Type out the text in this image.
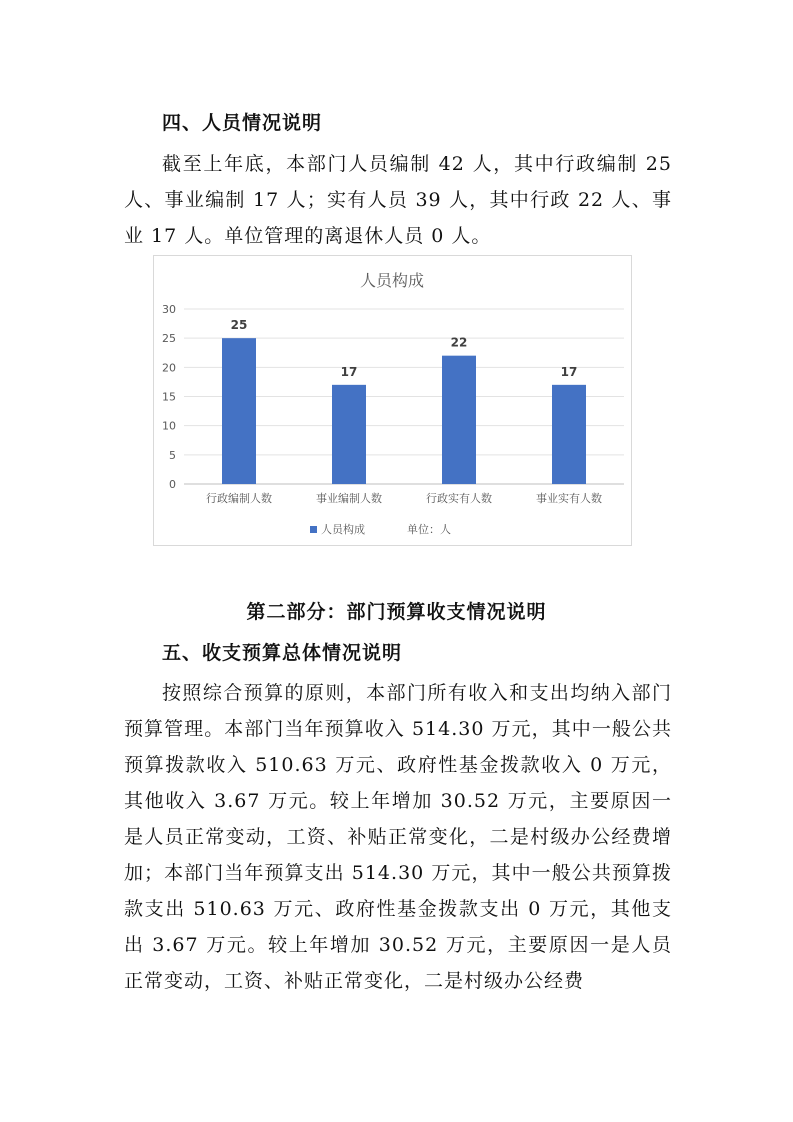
四、人员情况说明

截至上年底，本部门人员编制 42 人，其中行政编制 25 人、事业编制 17 人；实有人员 39 人，其中行政 22 人、事业 17 人。单位管理的离退休人员 0 人。

人员构成
0
5
10
15
20
25
30
25
17
22
17
行政编制人数	事业编制人数	行政实有人数	事业实有人数
人员构成	单位：人
第二部分：部门预算收支情况说明
五、收支预算总体情况说明

按照综合预算的原则，本部门所有收入和支出均纳入部门预算管理。本部门当年预算收入 514.30 万元，其中一般公共预算拨款收入 510.63 万元、政府性基金拨款收入 0 万元，其他收入 3.67 万元。较上年增加 30.52 万元，主要原因一是人员正常变动，工资、补贴正常变化，二是村级办公经费增加；本部门当年预算支出 514.30 万元，其中一般公共预算拨款支出 510.63 万元、政府性基金拨款支出 0 万元，其他支出 3.67 万元。较上年增加 30.52 万元，主要原因一是人员正常变动，工资、补贴正常变化，二是村级办公经费
